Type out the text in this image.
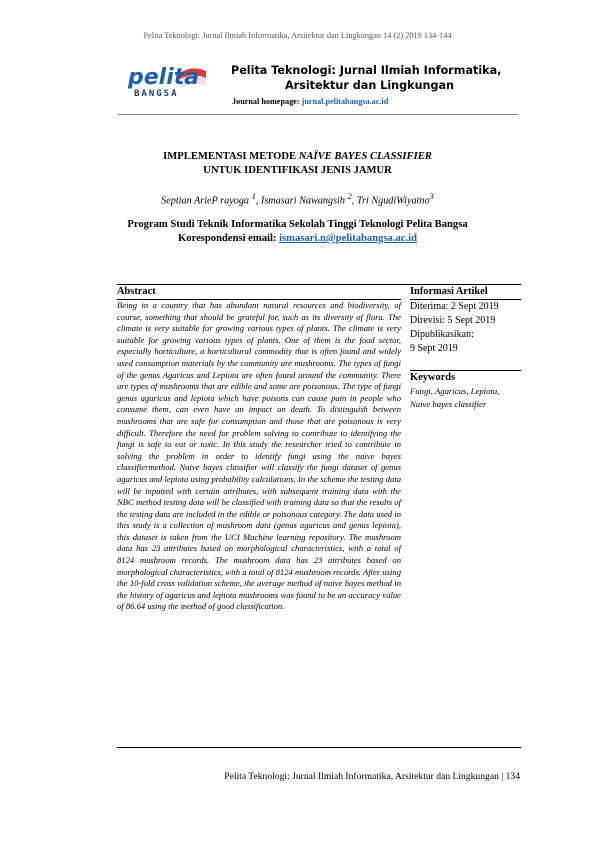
Pelita Teknologi: Jurnal Ilmiah Informatika, Arsitektur dan Lingkungan 14 (2) 2019 134-144
pelita
BANGSA
Pelita Teknologi: Jurnal Ilmiah Informatika,
Arsitektur dan Lingkungan
Journal homepage: jurnal.pelitabangsa.ac.id
IMPLEMENTASI METODE NAÏVE BAYES CLASSIFIER
UNTUK IDENTIFIKASI JENIS JAMUR
Septian ArieP rayoga $^1$, Ismasari Nawangsih $^2$, Tri NgudiWiyatno$^3$
Program Studi Teknik Informatika Sekolah Tinggi Teknologi Pelita Bangsa
Korespondensi email: ismasari.n@pelitabangsa.ac.id
Abstract	Informasi Artikel
Being in a country that has abundant natural resources and biodiversity, of course, something that should be grateful for, such as its diversity of flora. The climate is very suitable for growing various types of plants. The climate is very suitable for growing various types of plants. One of them is the food sector, especially horticulture, a horticultural commodity that is often found and widely used consumption materials by the community are mushrooms. The types of fungi of the genus Agaricus and Lepiota are often found around the community. There are types of mushrooms that are edible and some are poisonous. The type of fungi genus agaricus and lepiota which have poisons can cause pain in people who consume them, can even have an impact on death. To distinguish between mushrooms that are safe for consumption and those that are poisonous is very difficult. Therefore the need for problem solving to contribute to identifying the fungi is safe to eat or toxic. In this study the researcher tried to contribute in solving the problem in order to identify fungi using the naive bayes classifiermethod. Naive bayes classifier will classify the fungi dataset of genus agaricus and lepiota using probability calculations. In the scheme the testing data will be inputted with certain attributes, with subsequent training data with the NBC method testing data will be classified with training data so that the results of the testing data are included in the edible or poisonous category. The data used in this study is a collection of mushroom data (genus agaricus and genus lepiota), this dataset is taken from the UCI Machine learning repository. The mushroom data has 23 attributes based on morphological characteristics, with a total of 8124 mushroom records. The mushroom data has 23 attributes based on morphological characteristics, with a total of 8124 mushroom records. After using the 10-fold cross validation scheme, the average method of naive bayes method in the history of agaricus and lepiota mushrooms was found to be an accuracy value of 86.64 using the method of good classification.
Diterima: 2 Sept 2019
Direvisi: 5 Sept 2019
Dipublikasikan:
9 Sept 2019
Keywords
Fungi, Agaricus, Lepiota, Naive bayes classifier
Pelita Teknologi: Jurnal Ilmiah Informatika, Arsitektur dan Lingkungan | 134
